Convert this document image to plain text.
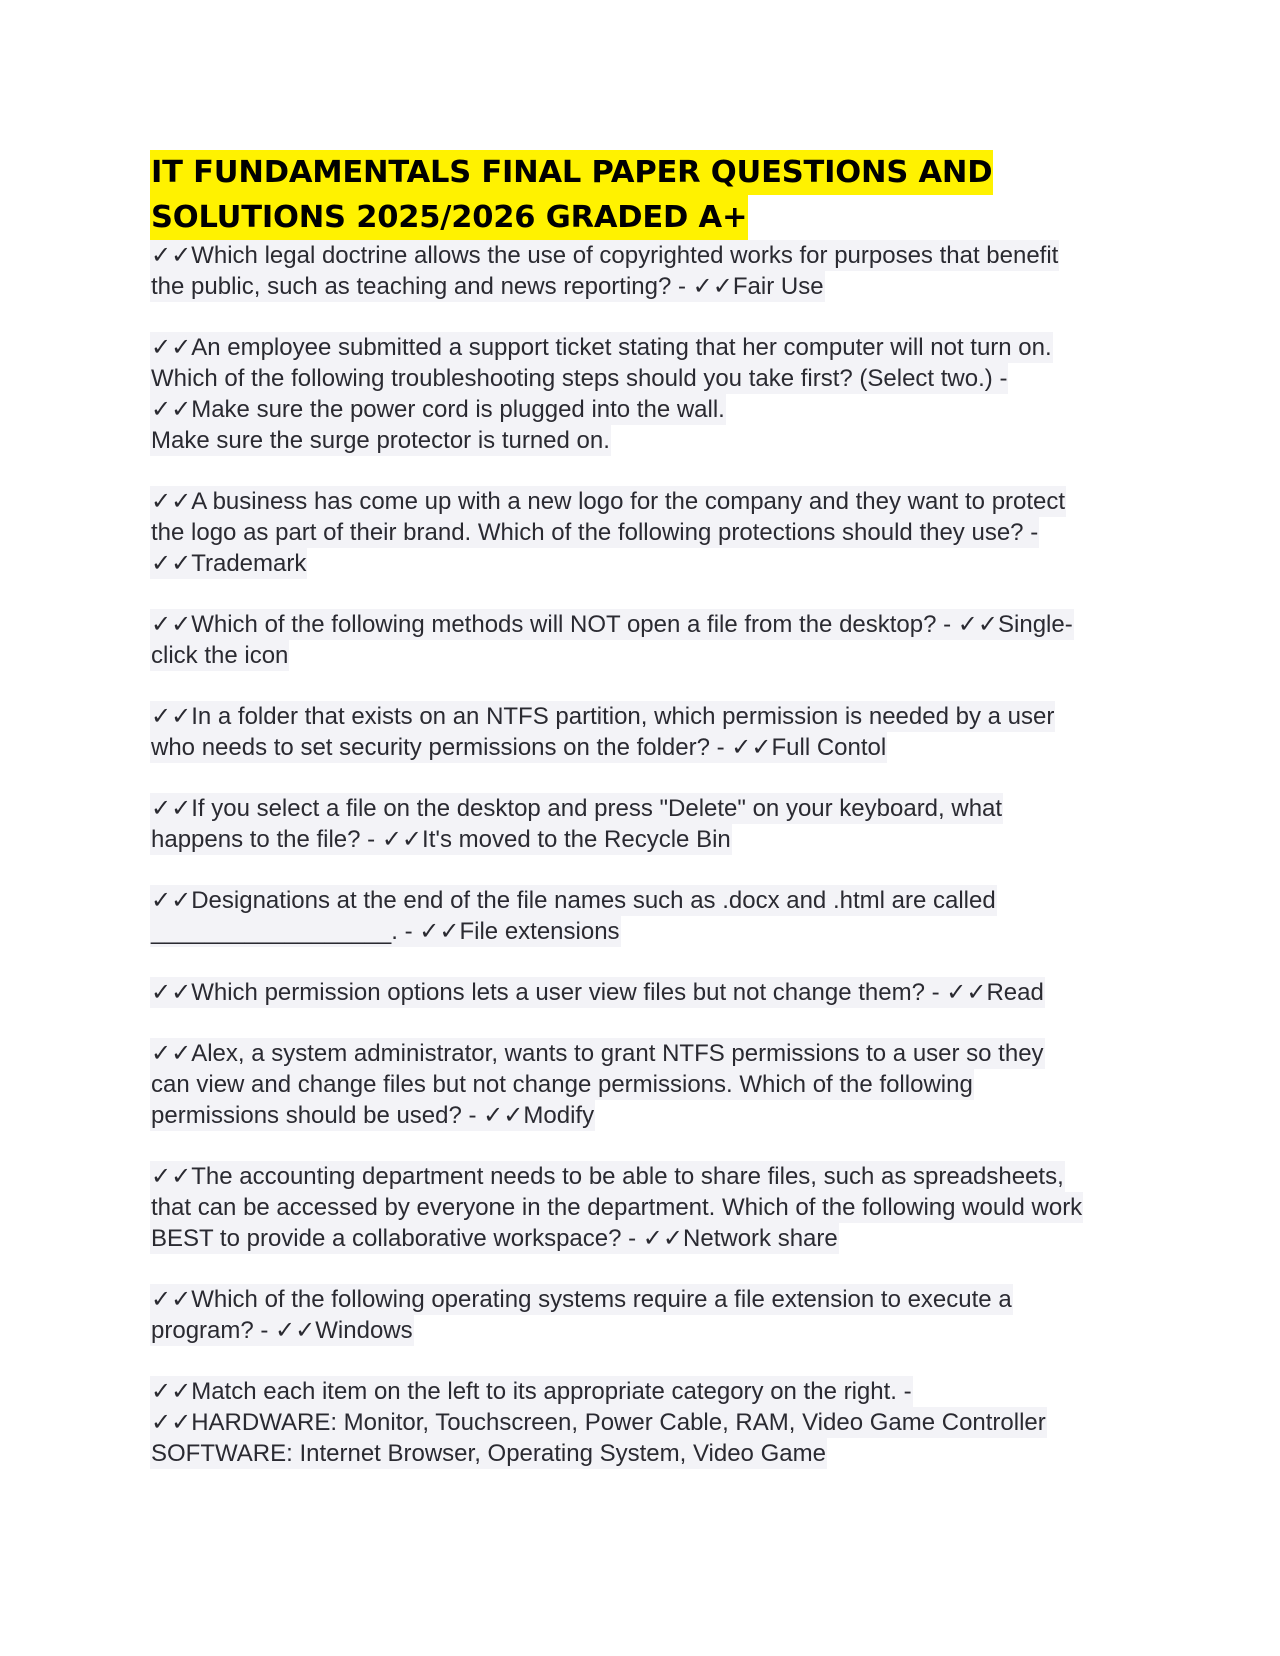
IT FUNDAMENTALS FINAL PAPER QUESTIONS AND
SOLUTIONS 2025/2026 GRADED A+
✓✓Which legal doctrine allows the use of copyrighted works for purposes that benefit
the public, such as teaching and news reporting? - ✓✓Fair Use
✓✓An employee submitted a support ticket stating that her computer will not turn on.
Which of the following troubleshooting steps should you take first? (Select two.) -
✓✓Make sure the power cord is plugged into the wall.
Make sure the surge protector is turned on.
✓✓A business has come up with a new logo for the company and they want to protect
the logo as part of their brand. Which of the following protections should they use? -
✓✓Trademark
✓✓Which of the following methods will NOT open a file from the desktop? - ✓✓Single-
click the icon
✓✓In a folder that exists on an NTFS partition, which permission is needed by a user
who needs to set security permissions on the folder? - ✓✓Full Contol
✓✓If you select a file on the desktop and press "Delete" on your keyboard, what
happens to the file? - ✓✓It's moved to the Recycle Bin
✓✓Designations at the end of the file names such as .docx and .html are called
__________________. - ✓✓File extensions
✓✓Which permission options lets a user view files but not change them? - ✓✓Read
✓✓Alex, a system administrator, wants to grant NTFS permissions to a user so they
can view and change files but not change permissions. Which of the following
permissions should be used? - ✓✓Modify
✓✓The accounting department needs to be able to share files, such as spreadsheets,
that can be accessed by everyone in the department. Which of the following would work
BEST to provide a collaborative workspace? - ✓✓Network share
✓✓Which of the following operating systems require a file extension to execute a
program? - ✓✓Windows
✓✓Match each item on the left to its appropriate category on the right. -
✓✓HARDWARE: Monitor, Touchscreen, Power Cable, RAM, Video Game Controller
SOFTWARE: Internet Browser, Operating System, Video Game
